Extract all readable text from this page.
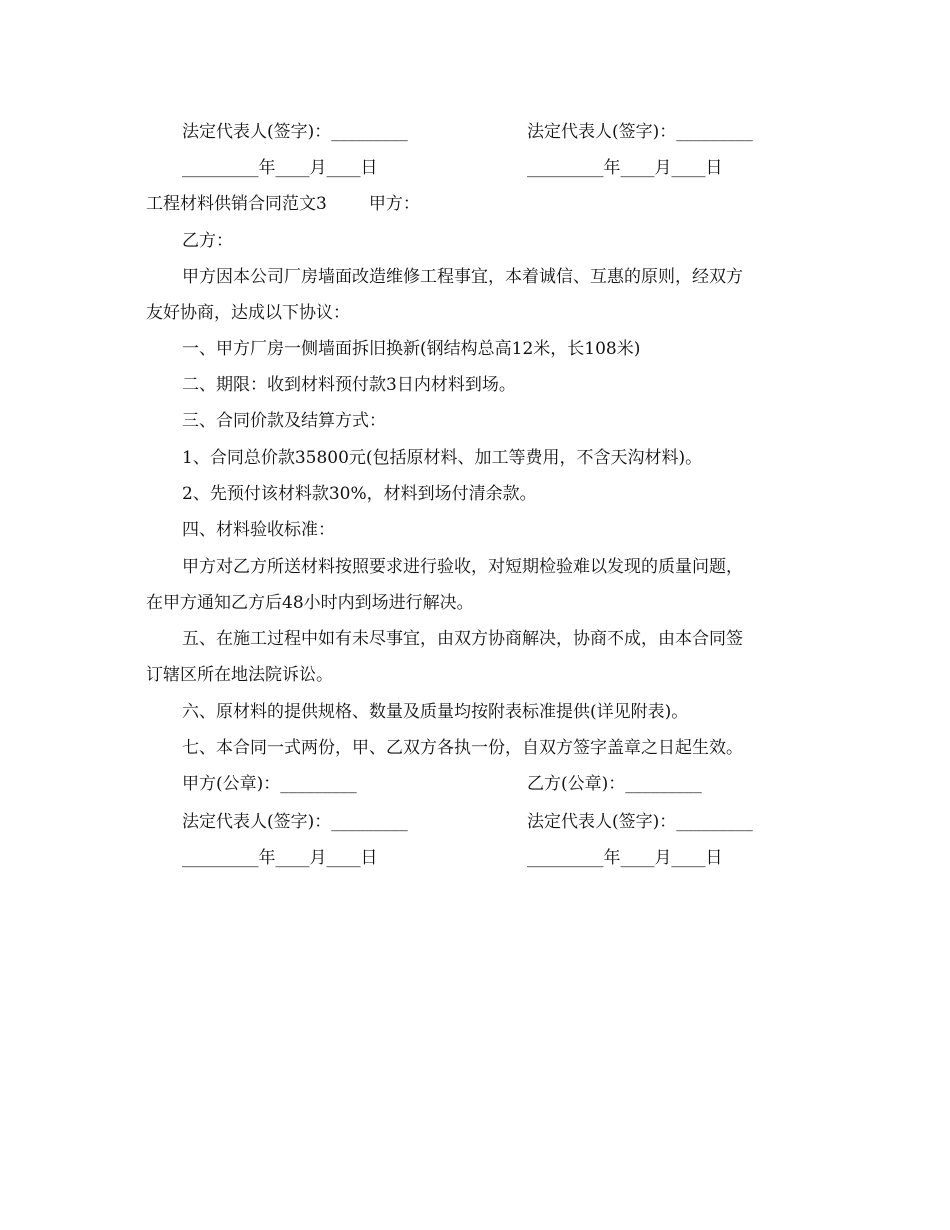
法定代表人(签字)：_________	法定代表人(签字)：_________
_________年____月____日	_________年____月____日
工程材料供销合同范文3 甲方：
乙方：
甲方因本公司厂房墙面改造维修工程事宜，本着诚信、互惠的原则，经双方
友好协商，达成以下协议：
一、甲方厂房一侧墙面拆旧换新(钢结构总高12米，长108米)
二、期限：收到材料预付款3日内材料到场。
三、合同价款及结算方式：
1、合同总价款35800元(包括原材料、加工等费用，不含天沟材料)。
2、先预付该材料款30%，材料到场付清余款。
四、材料验收标准：
甲方对乙方所送材料按照要求进行验收，对短期检验难以发现的质量问题，
在甲方通知乙方后48小时内到场进行解决。
五、在施工过程中如有未尽事宜，由双方协商解决，协商不成，由本合同签
订辖区所在地法院诉讼。
六、原材料的提供规格、数量及质量均按附表标准提供(详见附表)。
七、本合同一式两份，甲、乙双方各执一份，自双方签字盖章之日起生效。
甲方(公章)：_________	乙方(公章)：_________
法定代表人(签字)：_________	法定代表人(签字)：_________
_________年____月____日	_________年____月____日
